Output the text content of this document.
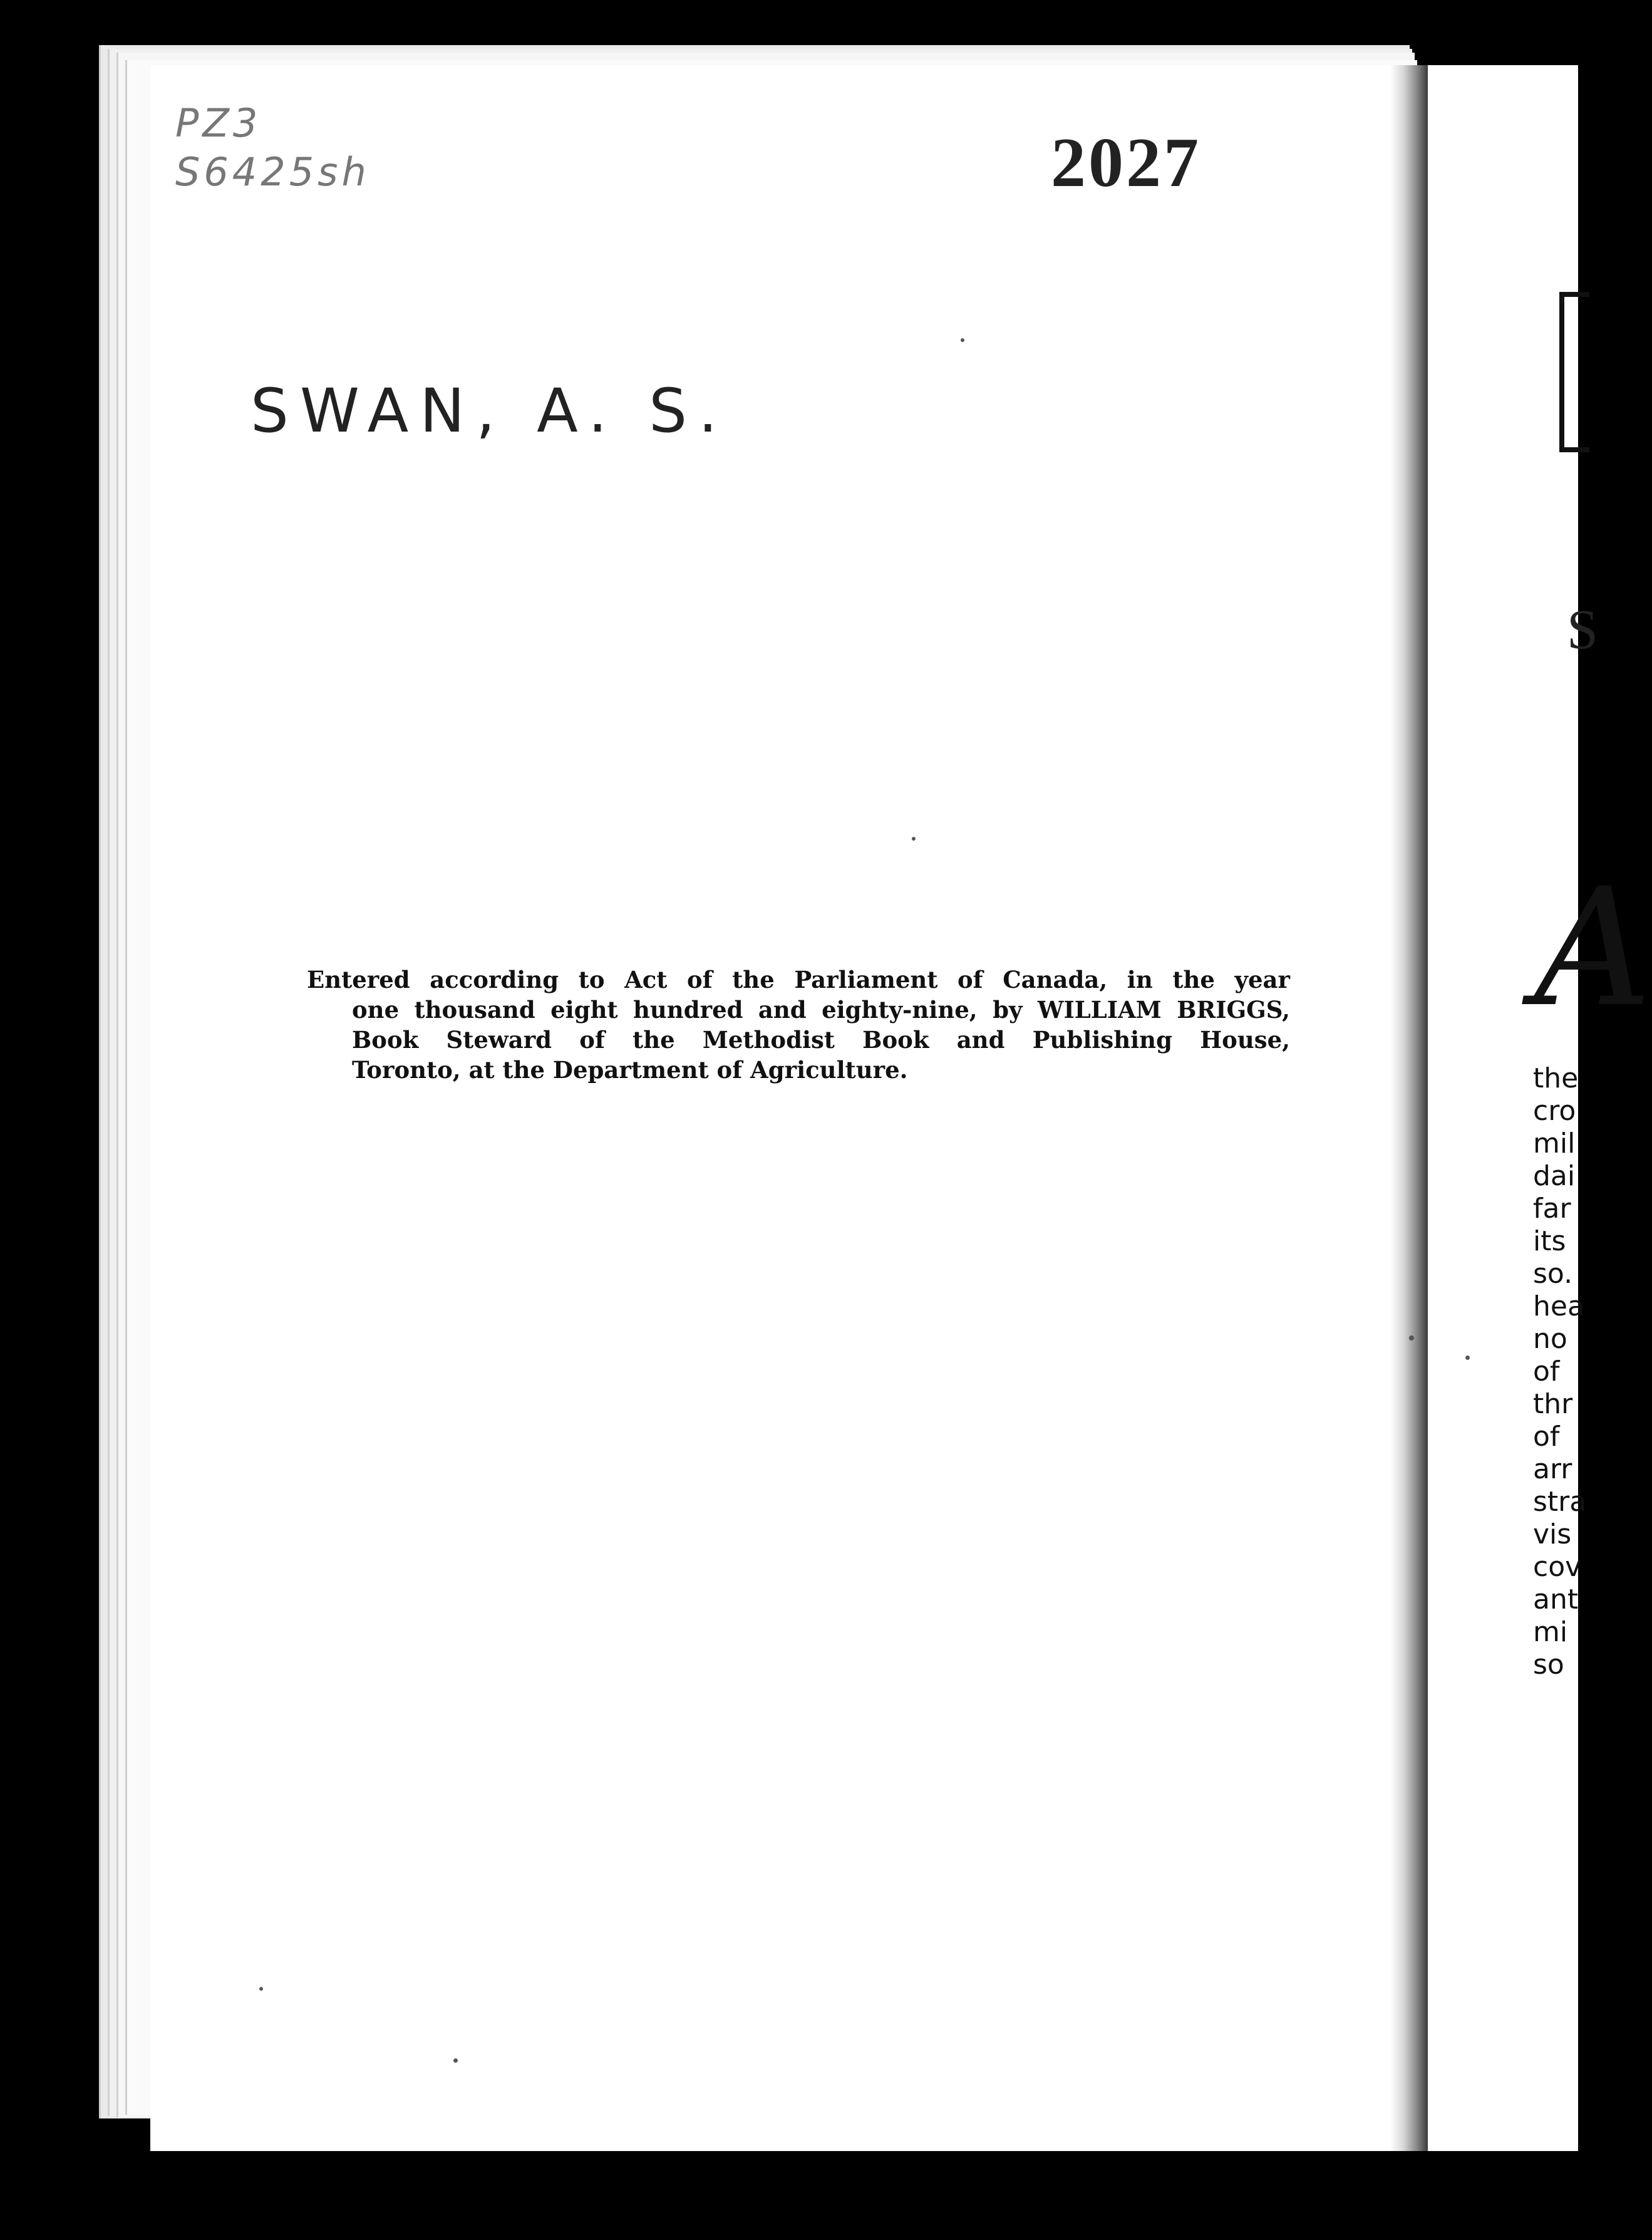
PZ3
S6425sh
SWAN, A. S.
2027
Entered according to Act of the Parliament of Canada, in the year
one thousand eight hundred and eighty-nine, by WILLIAM BRIGGS,
Book Steward of the Methodist Book and Publishing House,
Toronto, at the Department of Agriculture.
S
A
the
cro
mil
dai
far
its
so.
hea
no
of
thr
of
arr
stra
vis
cov
ant
mi
so
